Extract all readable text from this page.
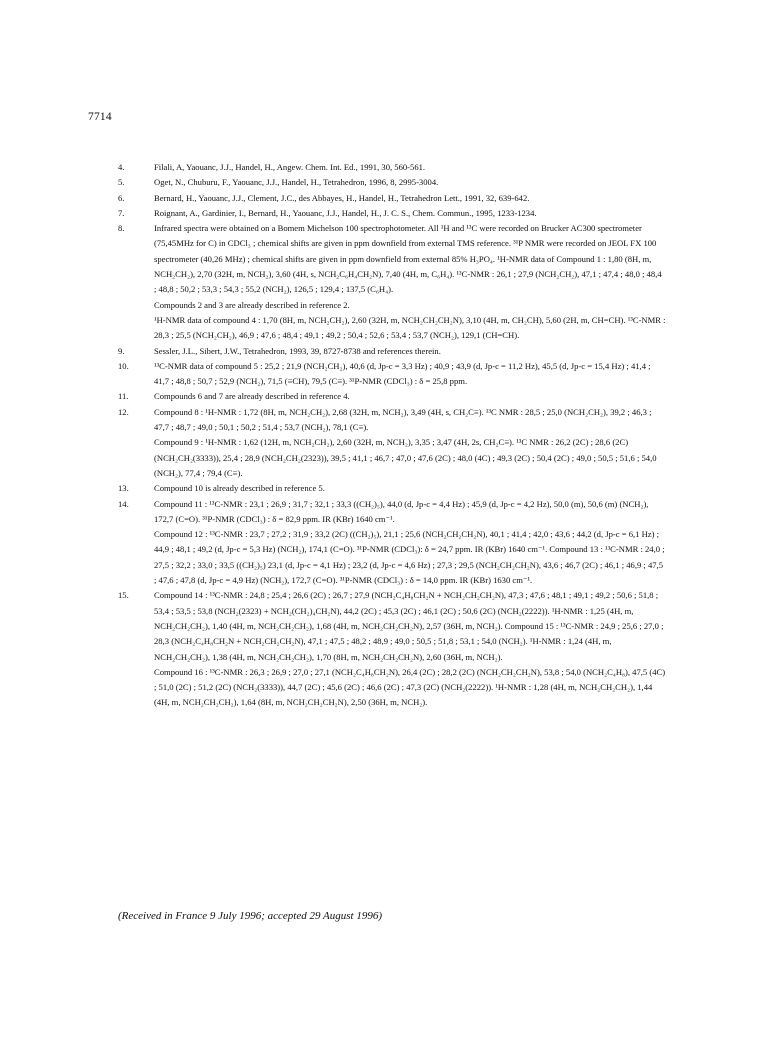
7714
4.	Filali, A, Yaouanc, J.J., Handel, H., Angew. Chem. Int. Ed., 1991, 30, 560-561.

5.	Oget, N., Chuburu, F., Yaouanc, J.J., Handel, H., Tetrahedron, 1996, 8, 2995-3004.

6.	Bernard, H., Yaouanc, J.J., Clement, J.C., des Abbayes, H., Handel, H., Tetrahedron Lett., 1991, 32, 639-642.

7.	Roignant, A., Gardinier, I., Bernard, H., Yaouanc, J.J., Handel, H., J. C. S., Chem. Commun., 1995, 1233-1234.

8.	Infrared spectra were obtained on a Bomem Michelson 100 spectrophotometer. All ¹H and ¹³C were recorded on Brucker AC300 spectrometer (75,45MHz for C) in CDCl₃ ; chemical shifts are given in ppm downfield from external TMS reference. ³¹P NMR were recorded on JEOL FX 100 spectrometer (40,26 MHz) ; chemical shifts are given in ppm downfield from external 85% H₃PO₄. ¹H-NMR data of Compound 1 : 1,80 (8H, m, NCH₂CH₂), 2,70 (32H, m, NCH₂), 3,60 (4H, s, NCH₂C₆H₄CH₂N), 7,40 (4H, m, C₆H₄). ¹³C-NMR : 26,1 ; 27,9 (NCH₂CH₂), 47,1 ; 47,4 ; 48,0 ; 48,4 ; 48,8 ; 50,2 ; 53,3 ; 54,3 ; 55,2 (NCH₂), 126,5 ; 129,4 ; 137,5 (C₆H₄).

Compounds 2 and 3 are already described in reference 2.

¹H-NMR data of compound 4 : 1,70 (8H, m, NCH₂CH₂), 2,60 (32H, m, NCH₂CH₂CH₂N), 3,10 (4H, m, CH₂CH), 5,60 (2H, m, CH=CH). ¹³C-NMR : 28,3 ; 25,5 (NCH₂CH₂), 46,9 ; 47,6 ; 48,4 ; 49,1 ; 49,2 ; 50,4 ; 52,6 ; 53,4 ; 53,7 (NCH₂), 129,1 (CH=CH).

9.	Sessler, J.L., Sibert, J.W., Tetrahedron, 1993, 39, 8727-8738 and references therein.

10.	¹³C-NMR data of compound 5 : 25,2 ; 21,9 (NCH₂CH₂), 40,6 (d, Jp-c = 3,3 Hz) ; 40,9 ; 43,9 (d, Jp-c = 11,2 Hz), 45,5 (d, Jp-c = 15,4 Hz) ; 41,4 ; 41,7 ; 48,8 ; 50,7 ; 52,9 (NCH₂), 71,5 (≡CH), 79,5 (C≡). ³¹P-NMR (CDCl₃) : δ = 25,8 ppm.

11.	Compounds 6 and 7 are already described in reference 4.

12.	Compound 8 : ¹H-NMR : 1,72 (8H, m, NCH₂CH₂), 2,68 (32H, m, NCH₂), 3,49 (4H, s, CH₂C≡). ¹³C NMR : 28,5 ; 25,0 (NCH₂CH₂), 39,2 ; 46,3 ; 47,7 ; 48,7 ; 49,0 ; 50,1 ; 50,2 ; 51,4 ; 53,7 (NCH₂), 78,1 (C≡).

Compound 9 : ¹H-NMR : 1,62 (12H, m, NCH₂CH₂), 2,60 (32H, m, NCH₂), 3,35 ; 3,47 (4H, 2s, CH₂C≡). ¹³C NMR : 26,2 (2C) ; 28,6 (2C) (NCH₂CH₂(3333)), 25,4 ; 28,9 (NCH₂CH₂(2323)), 39,5 ; 41,1 ; 46,7 ; 47,0 ; 47,6 (2C) ; 48,0 (4C) ; 49,3 (2C) ; 50,4 (2C) ; 49,0 ; 50,5 ; 51,6 ; 54,0 (NCH₂), 77,4 ; 79,4 (C≡).

13.	Compound 10 is already described in reference 5.

14.	Compound 11 : ¹³C-NMR : 23,1 ; 26,9 ; 31,7 ; 32,1 ; 33,3 ((CH₂)₅), 44,0 (d, Jp-c = 4,4 Hz) ; 45,9 (d, Jp-c = 4,2 Hz), 50,0 (m), 50,6 (m) (NCH₂), 172,7 (C=O). ³¹P-NMR (CDCl₃) : δ = 82,9 ppm. IR (KBr) 1640 cm⁻¹.

Compound 12 : ¹³C-NMR : 23,7 ; 27,2 ; 31,9 ; 33,2 (2C) ((CH₂)₅), 21,1 ; 25,6 (NCH₂CH₂CH₂N), 40,1 ; 41,4 ; 42,0 ; 43,6 ; 44,2 (d, Jp-c = 6,1 Hz) ; 44,9 ; 48,1 ; 49,2 (d, Jp-c = 5,3 Hz) (NCH₂), 174,1 (C=O). ³¹P-NMR (CDCl₃): δ = 24,7 ppm. IR (KBr) 1640 cm⁻¹. Compound 13 : ¹³C-NMR : 24,0 ; 27,5 ; 32,2 ; 33,0 ; 33,5 ((CH₂)₅) 23,1 (d, Jp-c = 4,1 Hz) ; 23,2 (d, Jp-c = 4,6 Hz) ; 27,3 ; 29,5 (NCH₂CH₂CH₂N), 43,6 ; 46,7 (2C) ; 46,1 ; 46,9 ; 47,5 ; 47,6 ; 47,8 (d, Jp-c = 4,9 Hz) (NCH₂), 172,7 (C=O). ³¹P-NMR (CDCl₃) : δ = 14,0 ppm. IR (KBr) 1630 cm⁻¹.

15.	Compound 14 : ¹³C-NMR : 24,8 ; 25,4 ; 26,6 (2C) ; 26,7 ; 27,9 (NCH₂C₄H₈CH₂N + NCH₂CH₂CH₂N), 47,3 ; 47,6 ; 48,1 ; 49,1 ; 49,2 ; 50,6 ; 51,8 ; 53,4 ; 53,5 ; 53,8 (NCH₂(2323) + NCH₂(CH₂)₄CH₂N), 44,2 (2C) ; 45,3 (2C) ; 46,1 (2C) ; 50,6 (2C) (NCH₂(2222)). ¹H-NMR : 1,25 (4H, m, NCH₂CH₂CH₂), 1,40 (4H, m, NCH₂CH₂CH₂), 1,68 (4H, m, NCH₂CH₂CH₂N), 2,57 (36H, m, NCH₂). Compound 15 : ¹³C-NMR : 24,9 ; 25,6 ; 27,0 ; 28,3 (NCH₂C₄H₈CH₂N + NCH₂CH₂CH₂N), 47,1 ; 47,5 ; 48,2 ; 48,9 ; 49,0 ; 50,5 ; 51,8 ; 53,1 ; 54,0 (NCH₂). ¹H-NMR : 1,24 (4H, m, NCH₂CH₂CH₂), 1,38 (4H, m, NCH₂CH₂CH₂), 1,70 (8H, m, NCH₂CH₂CH₂N), 2,60 (36H, m, NCH₂).

Compound 16 : ¹³C-NMR : 26,3 ; 26,9 ; 27,0 ; 27,1 (NCH₂C₄H₈CH₂N), 26,4 (2C) ; 28,2 (2C) (NCH₂CH₂CH₂N), 53,8 ; 54,0 (NCH₂C₄H₈), 47,5 (4C) ; 51,0 (2C) ; 51,2 (2C) (NCH₂(3333)), 44,7 (2C) ; 45,6 (2C) ; 46,6 (2C) ; 47,3 (2C) (NCH₂(2222)). ¹H-NMR : 1,28 (4H, m, NCH₂CH₂CH₂), 1,44 (4H, m, NCH₂CH₂CH₂), 1,64 (8H, m, NCH₂CH₂CH₂N), 2,50 (36H, m, NCH₂).

(Received in France 9 July 1996; accepted 29 August 1996)
